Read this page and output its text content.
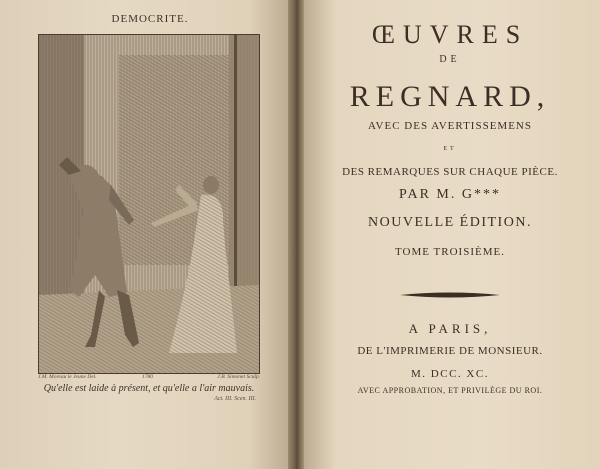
DEMOCRITE.
J.M. Moreau le Jeune Del.	1780	J.B. Simonet Sculp.
Qu'elle est laide à présent, et qu'elle a l'air mauvais.
Act. III. Scen. III.
ŒUVRES
DE
REGNARD,
AVEC DES AVERTISSEMENS
ET
DES REMARQUES SUR CHAQUE PIÈCE.
PAR M. G***
NOUVELLE ÉDITION.
TOME TROISIÈME.
A PARIS,
DE L'IMPRIMERIE DE MONSIEUR.
M. DCC. XC.
AVEC APPROBATION, ET PRIVILÈGE DU ROI.
